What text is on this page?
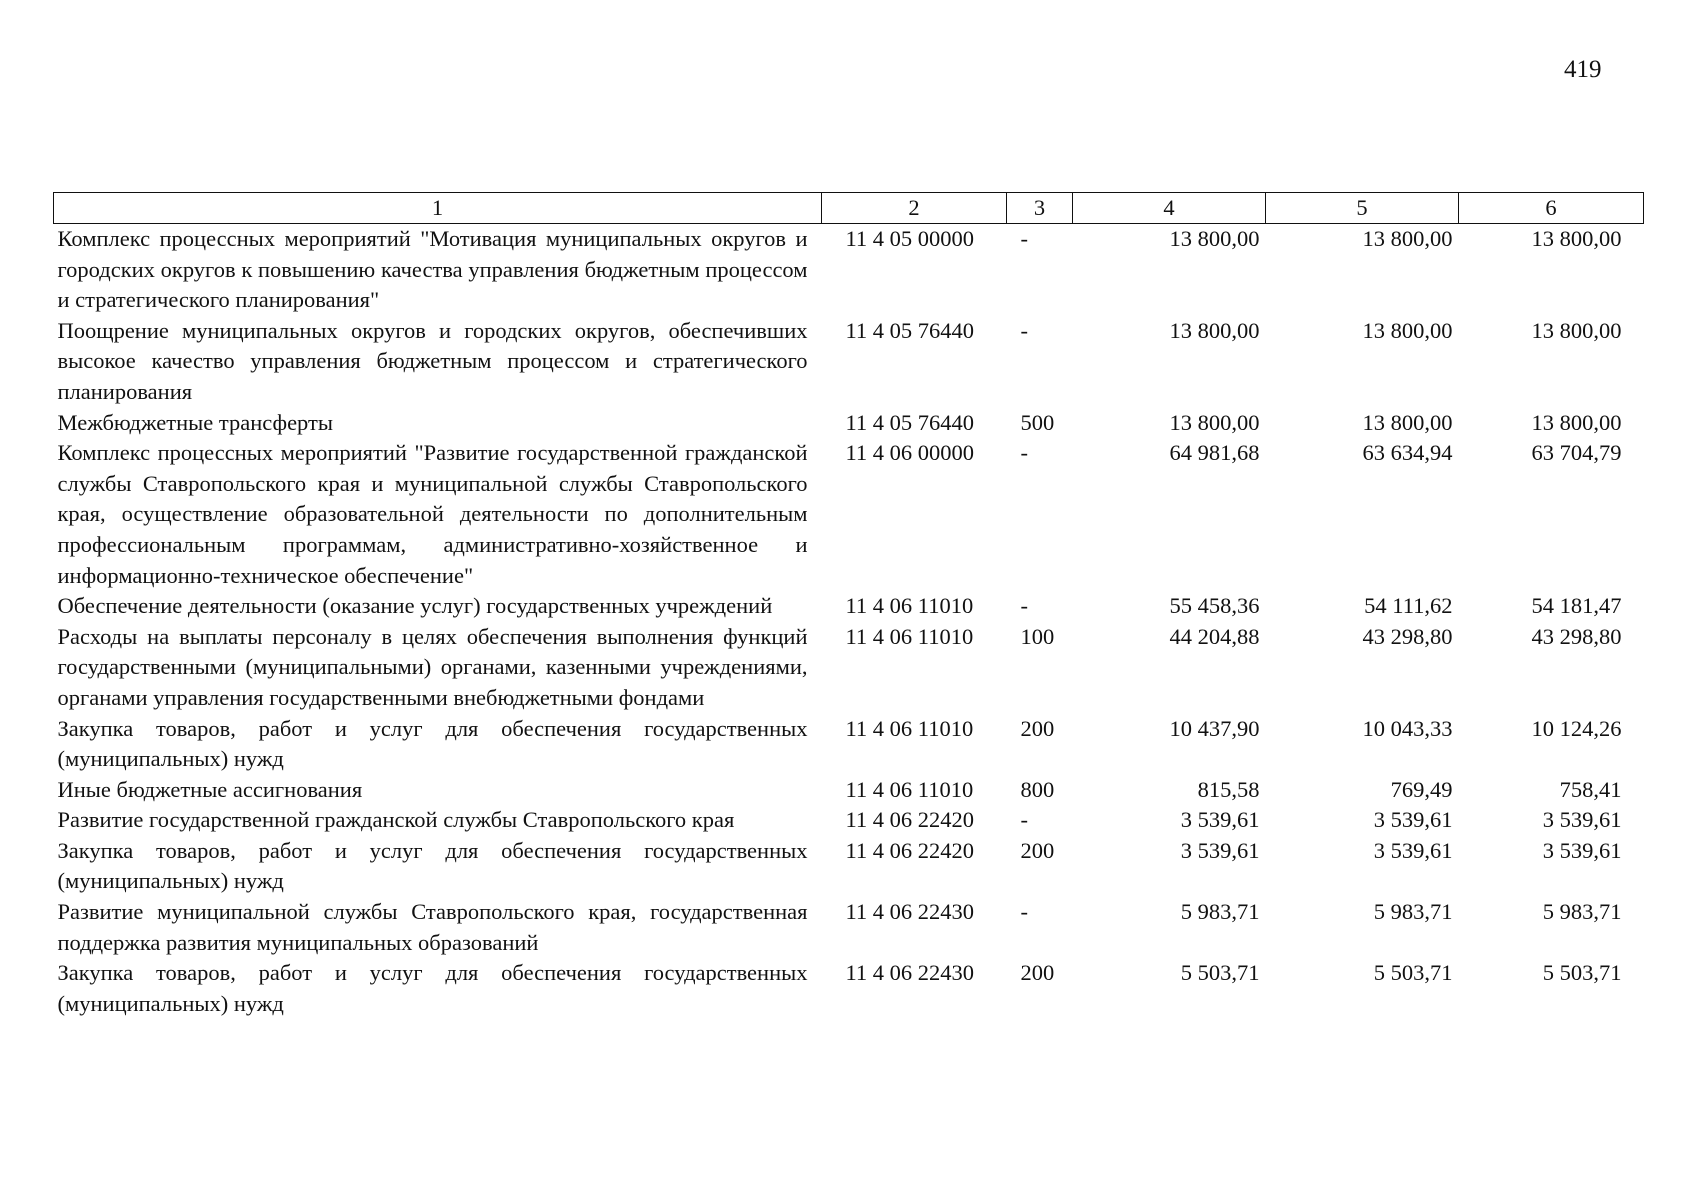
419
1	2	3	4	5	6
Комплекс процессных мероприятий "Мотивация муниципальных округов и городских округов к повышению качества управления бюджетным процессом и стратегического планирования"	11 4 05 00000	-	13 800,00	13 800,00	13 800,00
Поощрение муниципальных округов и городских округов, обеспечивших высокое качество управления бюджетным процессом и стратегического планирования	11 4 05 76440	-	13 800,00	13 800,00	13 800,00
Межбюджетные трансферты	11 4 05 76440	500	13 800,00	13 800,00	13 800,00
Комплекс процессных мероприятий "Развитие государственной гражданской службы Ставропольского края и муниципальной службы Ставропольского края, осуществление образовательной деятельности по дополнительным профессиональным программам, административно-хозяйственное и информационно-техническое обеспечение"	11 4 06 00000	-	64 981,68	63 634,94	63 704,79
Обеспечение деятельности (оказание услуг) государственных учреждений	11 4 06 11010	-	55 458,36	54 111,62	54 181,47
Расходы на выплаты персоналу в целях обеспечения выполнения функций государственными (муниципальными) органами, казенными учреждениями, органами управления государственными внебюджетными фондами	11 4 06 11010	100	44 204,88	43 298,80	43 298,80
Закупка товаров, работ и услуг для обеспечения государственных (муниципальных) нужд	11 4 06 11010	200	10 437,90	10 043,33	10 124,26
Иные бюджетные ассигнования	11 4 06 11010	800	815,58	769,49	758,41
Развитие государственной гражданской службы Ставропольского края	11 4 06 22420	-	3 539,61	3 539,61	3 539,61
Закупка товаров, работ и услуг для обеспечения государственных (муниципальных) нужд	11 4 06 22420	200	3 539,61	3 539,61	3 539,61
Развитие муниципальной службы Ставропольского края, государственная поддержка развития муниципальных образований	11 4 06 22430	-	5 983,71	5 983,71	5 983,71
Закупка товаров, работ и услуг для обеспечения государственных (муниципальных) нужд	11 4 06 22430	200	5 503,71	5 503,71	5 503,71
